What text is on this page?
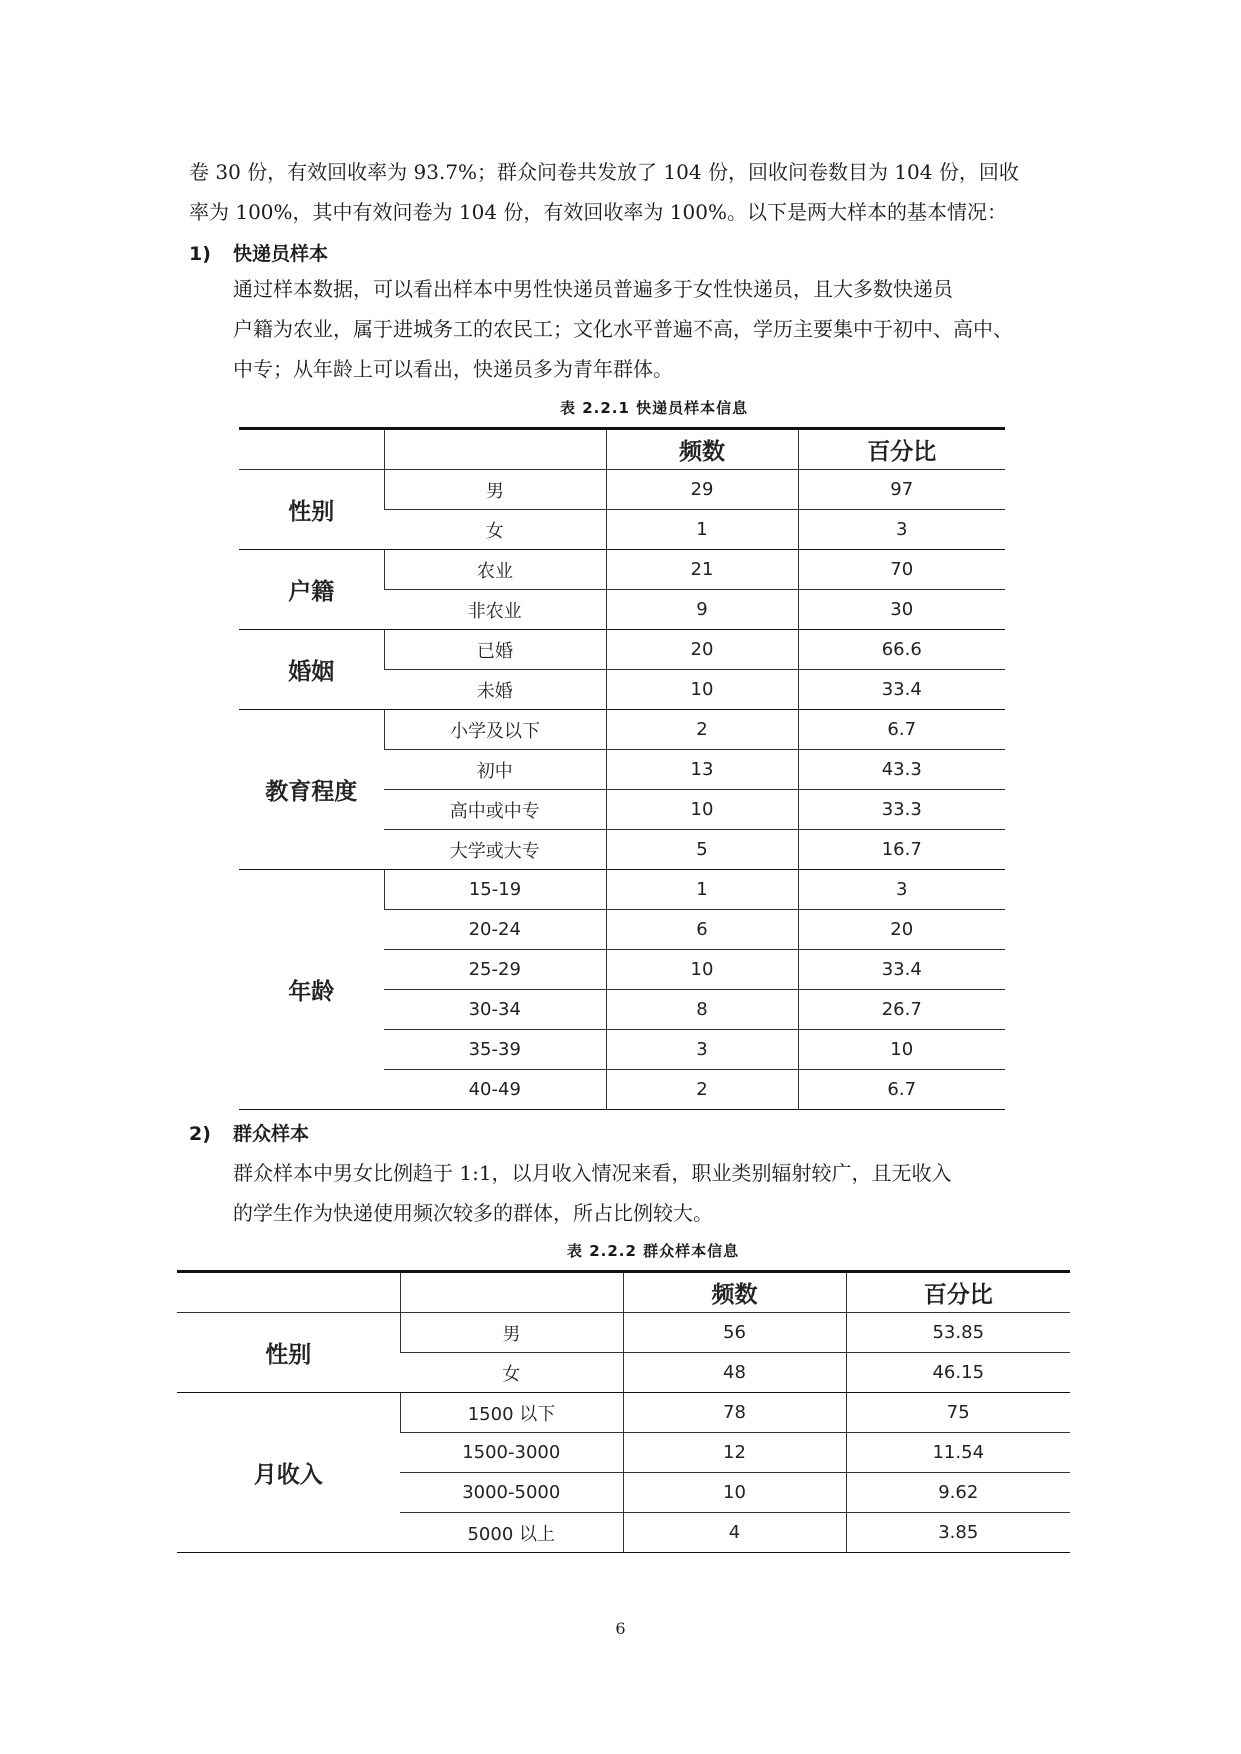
卷 30 份，有效回收率为 93.7%；群众问卷共发放了 104 份，回收问卷数目为 104 份，回收
率为 100%，其中有效问卷为 104 份，有效回收率为 100%。以下是两大样本的基本情况：
1) 快递员样本
通过样本数据，可以看出样本中男性快递员普遍多于女性快递员，且大多数快递员
户籍为农业，属于进城务工的农民工；文化水平普遍不高，学历主要集中于初中、高中、
中专；从年龄上可以看出，快递员多为青年群体。
表 2.2.1 快递员样本信息
		频数	百分比
性别	男	29	97
	女	1	3
户籍	农业	21	70
	非农业	9	30
婚姻	已婚	20	66.6
	未婚	10	33.4
教育程度	小学及以下	2	6.7
	初中	13	43.3
	高中或中专	10	33.3
	大学或大专	5	16.7
年龄	15-19	1	3
	20-24	6	20
	25-29	10	33.4
	30-34	8	26.7
	35-39	3	10
	40-49	2	6.7
2) 群众样本
群众样本中男女比例趋于 1:1，以月收入情况来看，职业类别辐射较广，且无收入
的学生作为快递使用频次较多的群体，所占比例较大。
表 2.2.2 群众样本信息
		频数	百分比
性别	男	56	53.85
	女	48	46.15
月收入	1500 以下	78	75
	1500-3000	12	11.54
	3000-5000	10	9.62
	5000 以上	4	3.85
6
